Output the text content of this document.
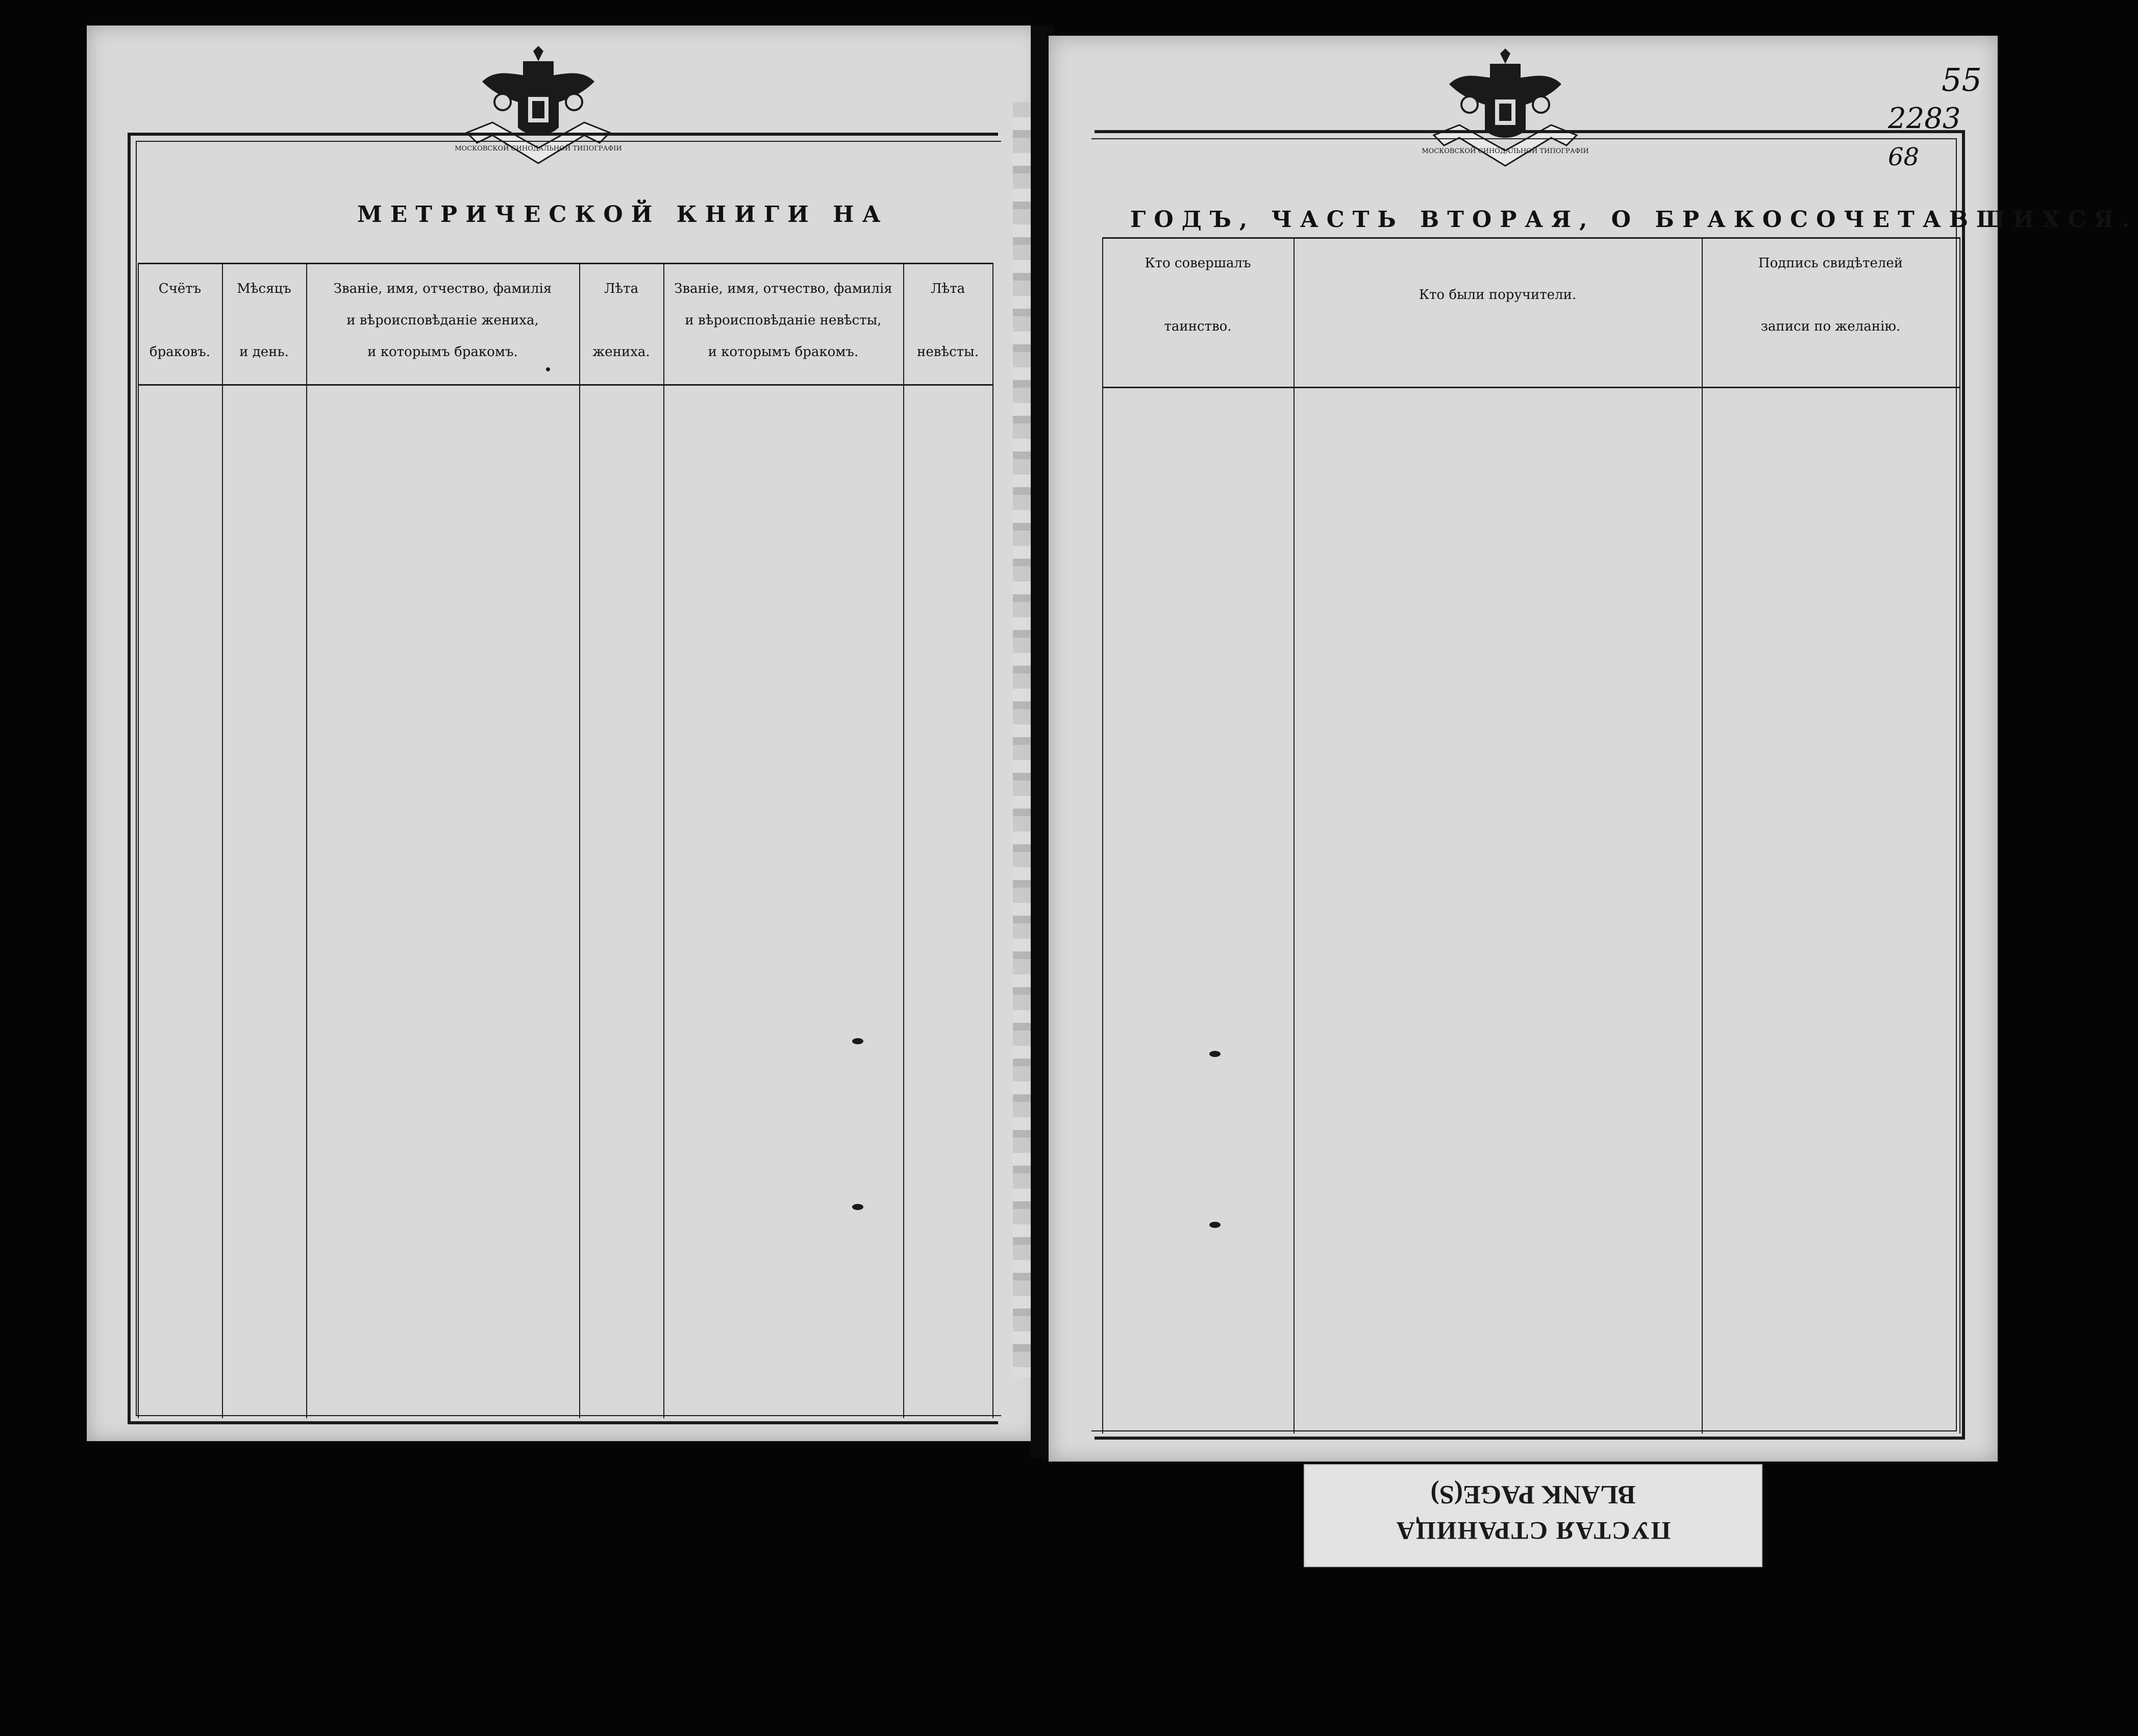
МОСКОВСКОЙ СИНОДАЛЬНОЙ ТИПОГРАФІИ
МЕТРИЧЕСКОЙ КНИГИ НА
Счётъ

браковъ.
Мѣсяцъ

и день.
Званіе, имя, отчество, фамилія
и вѣроисповѣданіе жениха,
и которымъ бракомъ.
Лѣта

жениха.
Званіе, имя, отчество, фамилія
и вѣроисповѣданіе невѣсты,
и которымъ бракомъ.
Лѣта

невѣсты.
МОСКОВСКОЙ СИНОДАЛЬНОЙ ТИПОГРАФІИ
ГОДЪ, ЧАСТЬ ВТОРАЯ, О БРАКОСОЧЕТАВШИХСЯ.
Кто совершалъ

таинство.

Кто были поручители.

Подпись свидѣтелей

записи по желанію.
55
2283
68
ПУСТАЯ СТРАНИЦА
BLANK PAGE(S)
